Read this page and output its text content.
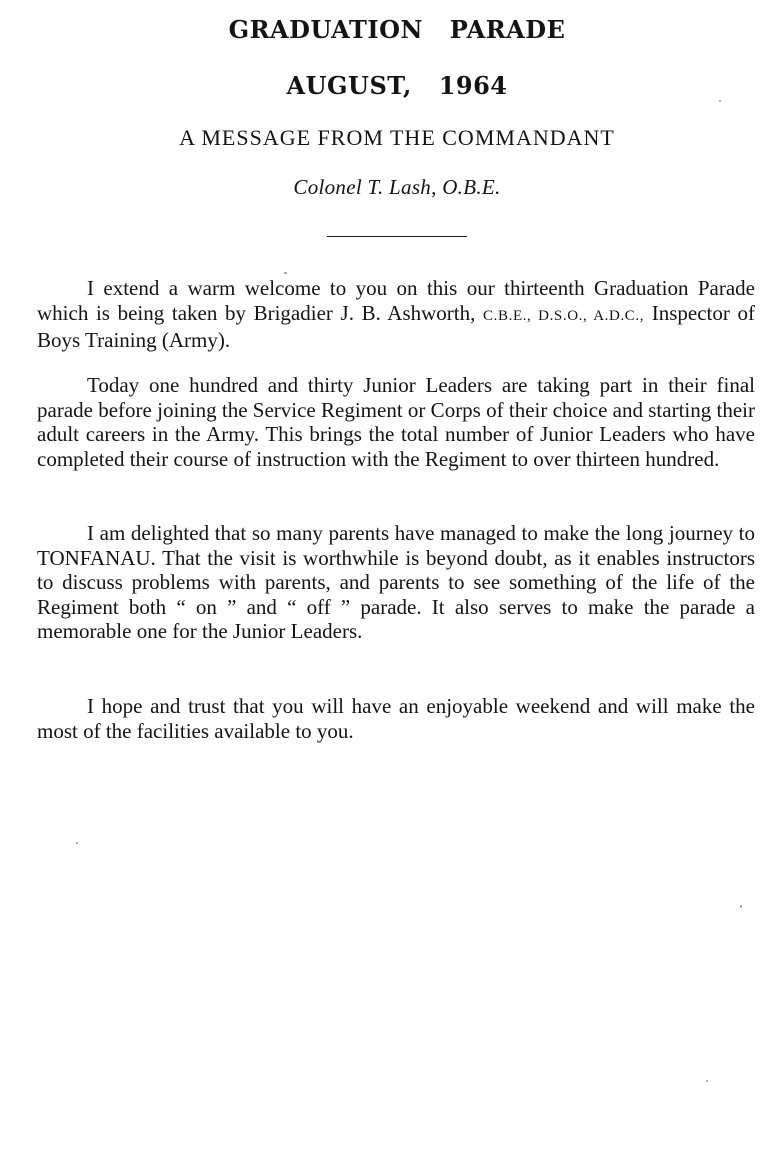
GRADUATION PARADE
AUGUST, 1964

A MESSAGE FROM THE COMMANDANT

Colonel T. Lash, O.B.E.

I extend a warm welcome to you on this our thirteenth Graduation Parade which is being taken by Brigadier J. B. Ashworth, C.B.E., D.S.O., A.D.C., Inspector of Boys Training (Army).

Today one hundred and thirty Junior Leaders are taking part in their final parade before joining the Service Regiment or Corps of their choice and starting their adult careers in the Army. This brings the total number of Junior Leaders who have completed their course of instruction with the Regiment to over thirteen hundred.

I am delighted that so many parents have managed to make the long journey to TONFANAU. That the visit is worthwhile is beyond doubt, as it enables instructors to discuss problems with parents, and parents to see something of the life of the Regiment both “ on ” and “ off ” parade. It also serves to make the parade a memorable one for the Junior Leaders.

I hope and trust that you will have an enjoyable weekend and will make the most of the facilities available to you.
